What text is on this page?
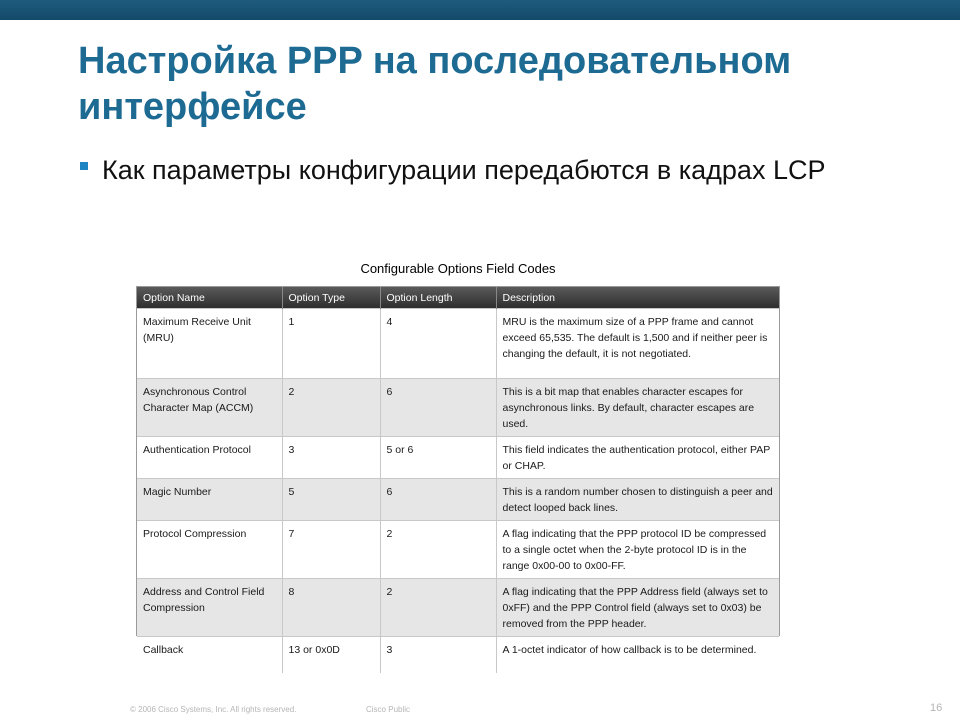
Настройка PPP на последовательном интерфейсе
Как параметры конфигурации передабются в кадрах LCP
Configurable Options Field Codes
Option Name	Option Type	Option Length	Description
Maximum Receive Unit (MRU)	1	4	MRU is the maximum size of a PPP frame and cannot exceed 65,535. The default is 1,500 and if neither peer is changing the default, it is not negotiated.
Asynchronous Control Character Map (ACCM)	2	6	This is a bit map that enables character escapes for asynchronous links. By default, character escapes are used.
Authentication Protocol	3	5 or 6	This field indicates the authentication protocol, either PAP or CHAP.
Magic Number	5	6	This is a random number chosen to distinguish a peer and detect looped back lines.
Protocol Compression	7	2	A flag indicating that the PPP protocol ID be compressed to a single octet when the 2-byte protocol ID is in the range 0x00-00 to 0x00-FF.
Address and Control Field Compression	8	2	A flag indicating that the PPP Address field (always set to 0xFF) and the PPP Control field (always set to 0x03) be removed from the PPP header.
Callback	13 or 0x0D	3	A 1-octet indicator of how callback is to be determined.
© 2006 Cisco Systems, Inc. All rights reserved.	Cisco Public	16
